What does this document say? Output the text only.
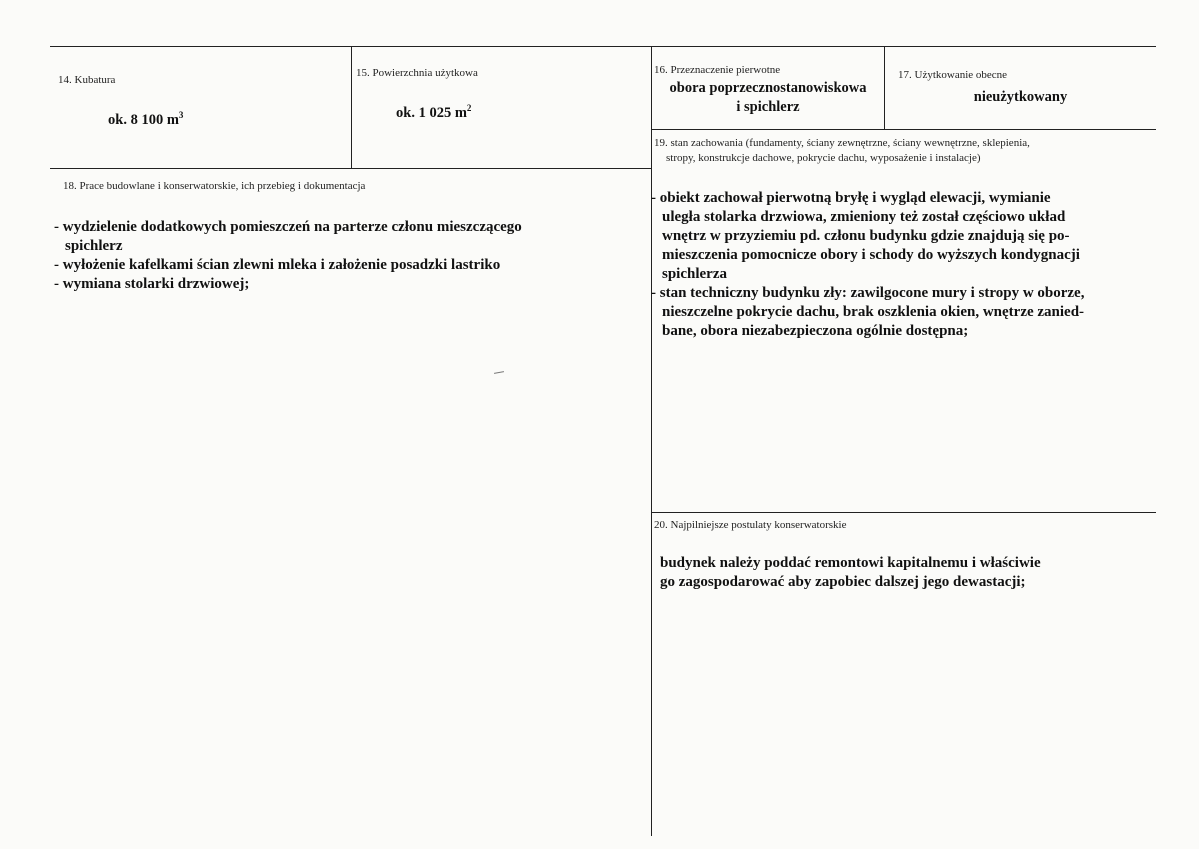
14. Kubatura
ok. 8 100 $m^3$
15. Powierzchnia użytkowa
ok. 1 025 $m^2$
16. Przeznaczenie pierwotne
obora poprzecznostanowiskowa
i spichlerz
17. Użytkowanie obecne
nieużytkowany
18. Prace budowlane i konserwatorskie, ich przebieg i dokumentacja
- wydzielenie dodatkowych pomieszczeń na parterze członu mieszczącego
spichlerz
- wyłożenie kafelkami ścian zlewni mleka i założenie posadzki lastriko
- wymiana stolarki drzwiowej;
19. stan zachowania (fundamenty, ściany zewnętrzne, ściany wewnętrzne, sklepienia,
stropy, konstrukcje dachowe, pokrycie dachu, wyposażenie i instalacje)
- obiekt zachował pierwotną bryłę i wygląd elewacji, wymianie
uległa stolarka drzwiowa, zmieniony też został częściowo układ
wnętrz w przyziemiu pd. członu budynku gdzie znajdują się po-
mieszczenia pomocnicze obory i schody do wyższych kondygnacji
spichlerza
- stan techniczny budynku zły: zawilgocone mury i stropy w oborze,
nieszczelne pokrycie dachu, brak oszklenia okien, wnętrze zanied-
bane, obora niezabezpieczona ogólnie dostępna;
20. Najpilniejsze postulaty konserwatorskie
budynek należy poddać remontowi kapitalnemu i właściwie
go zagospodarować aby zapobiec dalszej jego dewastacji;
